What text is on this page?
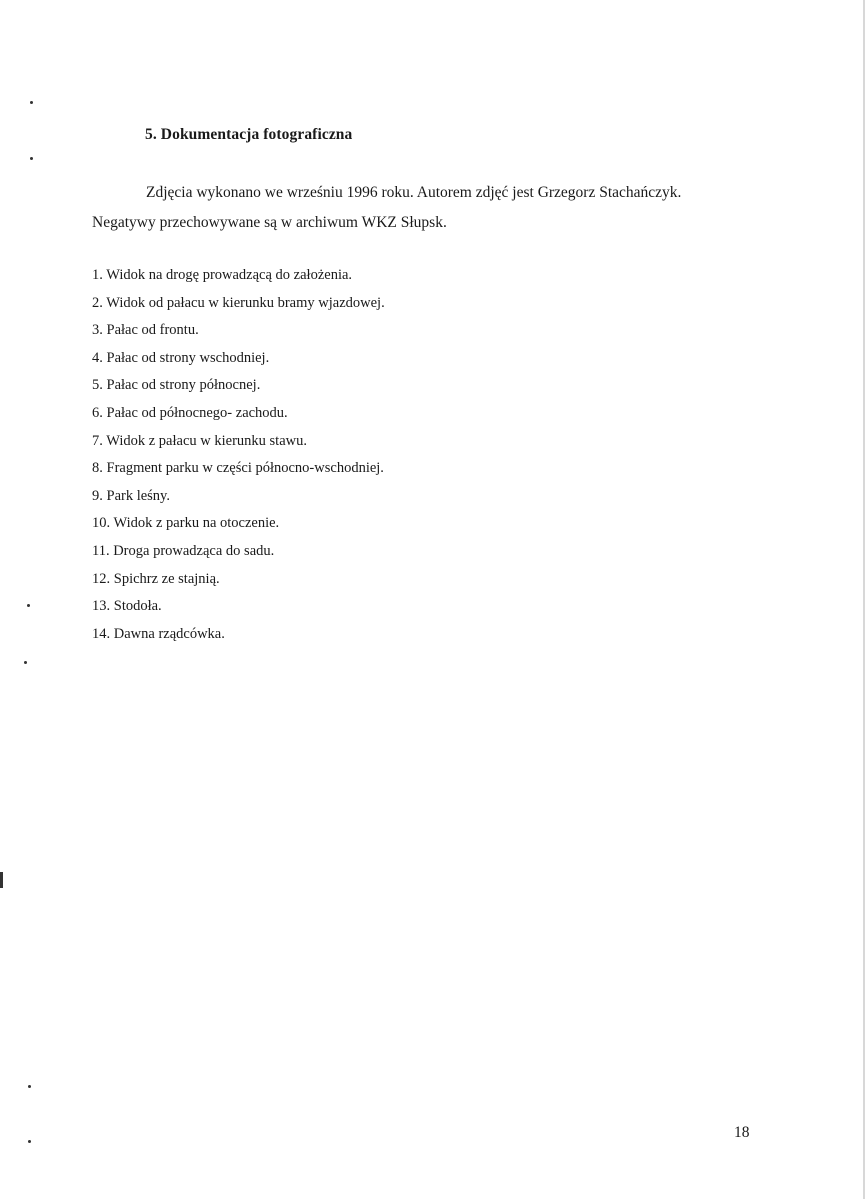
5. Dokumentacja fotograficzna
Zdjęcia wykonano we wrześniu 1996 roku. Autorem zdjęć jest Grzegorz Stachańczyk.
Negatywy przechowywane są w archiwum WKZ Słupsk.
1. Widok na drogę prowadzącą do założenia.
2. Widok od pałacu w kierunku bramy wjazdowej.
3. Pałac od frontu.
4. Pałac od strony wschodniej.
5. Pałac od strony północnej.
6. Pałac od północnego- zachodu.
7. Widok z pałacu w kierunku stawu.
8. Fragment parku w części północno-wschodniej.
9. Park leśny.
10. Widok z parku na otoczenie.
11. Droga prowadząca do sadu.
12. Spichrz ze stajnią.
13. Stodoła.
14. Dawna rządcówka.
18
